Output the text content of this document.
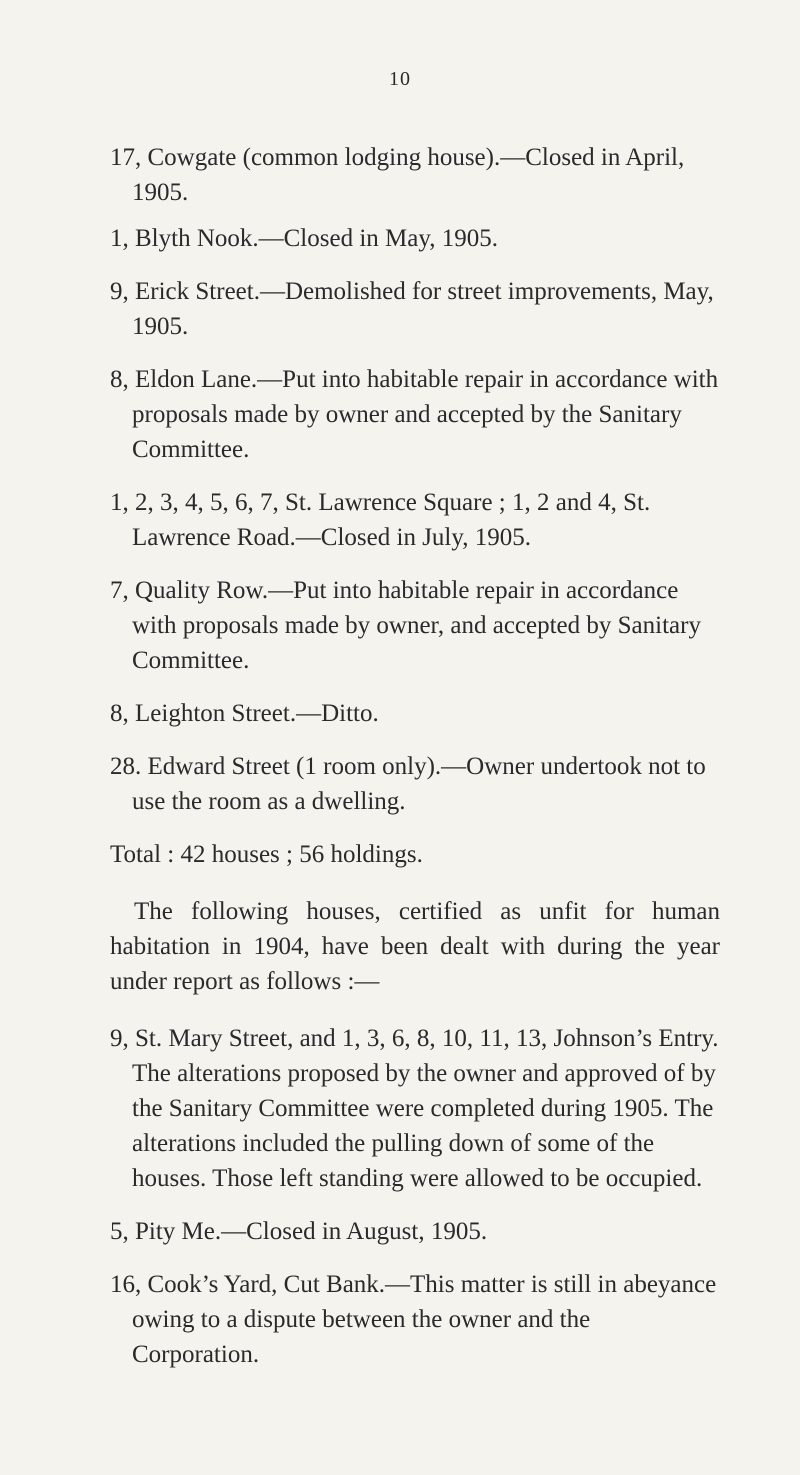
10

17, Cowgate (common lodging house).—Closed in April, 1905.

1, Blyth Nook.—Closed in May, 1905.

9, Erick Street.—Demolished for street improvements, May, 1905.

8, Eldon Lane.—Put into habitable repair in accordance with proposals made by owner and accepted by the Sanitary Committee.

1, 2, 3, 4, 5, 6, 7, St. Lawrence Square ; 1, 2 and 4, St. Lawrence Road.—Closed in July, 1905.

7, Quality Row.—Put into habitable repair in accordance with proposals made by owner, and accepted by Sanitary Committee.

8, Leighton Street.—Ditto.

28. Edward Street (1 room only).—Owner undertook not to use the room as a dwelling.

Total : 42 houses ; 56 holdings.

The following houses, certified as unfit for human habitation in 1904, have been dealt with during the year under report as follows :—

9, St. Mary Street, and 1, 3, 6, 8, 10, 11, 13, Johnson’s Entry. The alterations proposed by the owner and approved of by the Sanitary Committee were completed during 1905. The alterations included the pulling down of some of the houses. Those left standing were allowed to be occupied.

5, Pity Me.—Closed in August, 1905.

16, Cook’s Yard, Cut Bank.—This matter is still in abeyance owing to a dispute between the owner and the Corporation.
